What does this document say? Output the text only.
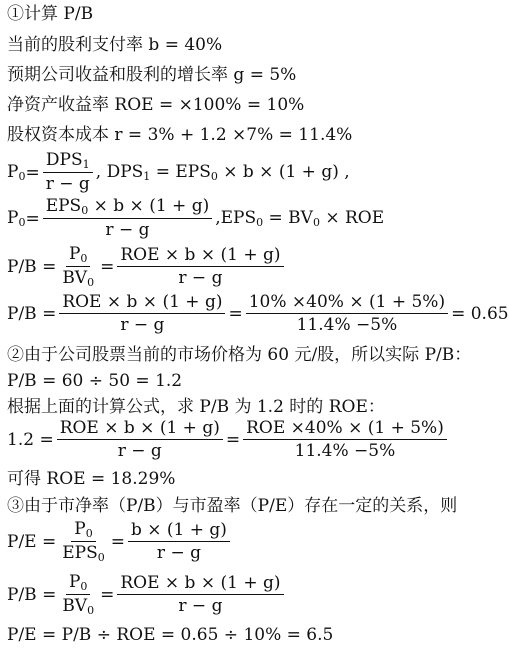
①计算 P/B
当前的股利支付率 b = 40%
预期公司收益和股利的增长率 g = 5%
净资产收益率 ROE = ×100% = 10%
股权资本成本 r = 3% + 1.2 ×7% = 11.4%
$P_0 = \frac{DPS_1}{r - g}$ , $DPS_1 = EPS_0 \times b \times (1 + g)$ ,
$P_0 = \frac{EPS_0 \times b \times (1 + g)}{r - g} ,EPS_0 = BV_0$ × ROE
$P/B = \frac{P_0}{BV_0} = \frac{\text{ROE × b × (1 + g)}}{r - g}$
$P/B = \frac{\text{ROE × b × (1 + g)}}{r - g} = \frac{10\% \times 40\% \times (1 + 5\%)}{11.4\% -5\%} = 0.65$
②由于公司股票当前的市场价格为 60 元/股，所以实际 P/B：
P/B = 60 ÷ 50 = 1.2
根据上面的计算公式，求 P/B 为 1.2 时的 ROE：
$1.2 = \frac{\text{ROE × b × (1 + g)}}{r - g} = \frac{\text{ROE ×40\% × (1 + 5\%)}}{11.4\% -5\%}$
可得 ROE = 18.29%
③由于市净率（P/B）与市盈率（P/E）存在一定的关系，则
$P/E = \frac{P_0}{EPS_0} = \frac{b \times (1 + g)}{r - g}$
$P/B = \frac{P_0}{BV_0} = \frac{\text{ROE × b × (1 + g)}}{r - g}$
P/E = P/B ÷ ROE = 0.65 ÷ 10% = 6.5
